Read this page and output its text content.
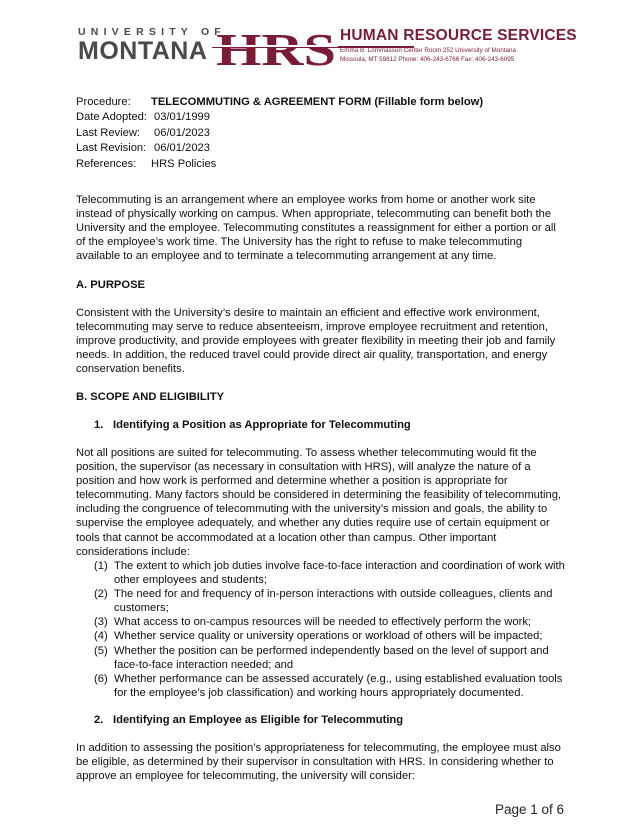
UNIVERSITY OF
MONTANA HRS HUMAN RESOURCE SERVICES
Emma B. Lommasson Center Room 252 University of Montana
Missoula, MT 59812 Phone: 406-243-6766 Fax: 406-243-6095
Procedure:	TELECOMMUTING & AGREEMENT FORM (Fillable form below)
Date Adopted: 03/01/1999
Last Review:	06/01/2023
Last Revision: 06/01/2023
References:	HRS Policies

Telecommuting is an arrangement where an employee works from home or another work site instead of physically working on campus. When appropriate, telecommuting can benefit both the University and the employee. Telecommuting constitutes a reassignment for either a portion or all of the employee’s work time. The University has the right to refuse to make telecommuting available to an employee and to terminate a telecommuting arrangement at any time.

A. PURPOSE

Consistent with the University’s desire to maintain an efficient and effective work environment, telecommuting may serve to reduce absenteeism, improve employee recruitment and retention, improve productivity, and provide employees with greater flexibility in meeting their job and family needs. In addition, the reduced travel could provide direct air quality, transportation, and energy conservation benefits.

B. SCOPE AND ELIGIBILITY

1. Identifying a Position as Appropriate for Telecommuting

Not all positions are suited for telecommuting. To assess whether telecommuting would fit the position, the supervisor (as necessary in consultation with HRS), will analyze the nature of a position and how work is performed and determine whether a position is appropriate for telecommuting. Many factors should be considered in determining the feasibility of telecommuting, including the congruence of telecommuting with the university’s mission and goals, the ability to supervise the employee adequately, and whether any duties require use of certain equipment or tools that cannot be accommodated at a location other than campus. Other important considerations include:

(1) The extent to which job duties involve face-to-face interaction and coordination of work with other employees and students;
(2) The need for and frequency of in-person interactions with outside colleagues, clients and customers;
(3) What access to on-campus resources will be needed to effectively perform the work;
(4) Whether service quality or university operations or workload of others will be impacted;
(5) Whether the position can be performed independently based on the level of support and face-to-face interaction needed; and
(6) Whether performance can be assessed accurately (e.g., using established evaluation tools for the employee’s job classification) and working hours appropriately documented.

2. Identifying an Employee as Eligible for Telecommuting

In addition to assessing the position’s appropriateness for telecommuting, the employee must also be eligible, as determined by their supervisor in consultation with HRS. In considering whether to approve an employee for telecommuting, the university will consider:

Page 1 of 6
